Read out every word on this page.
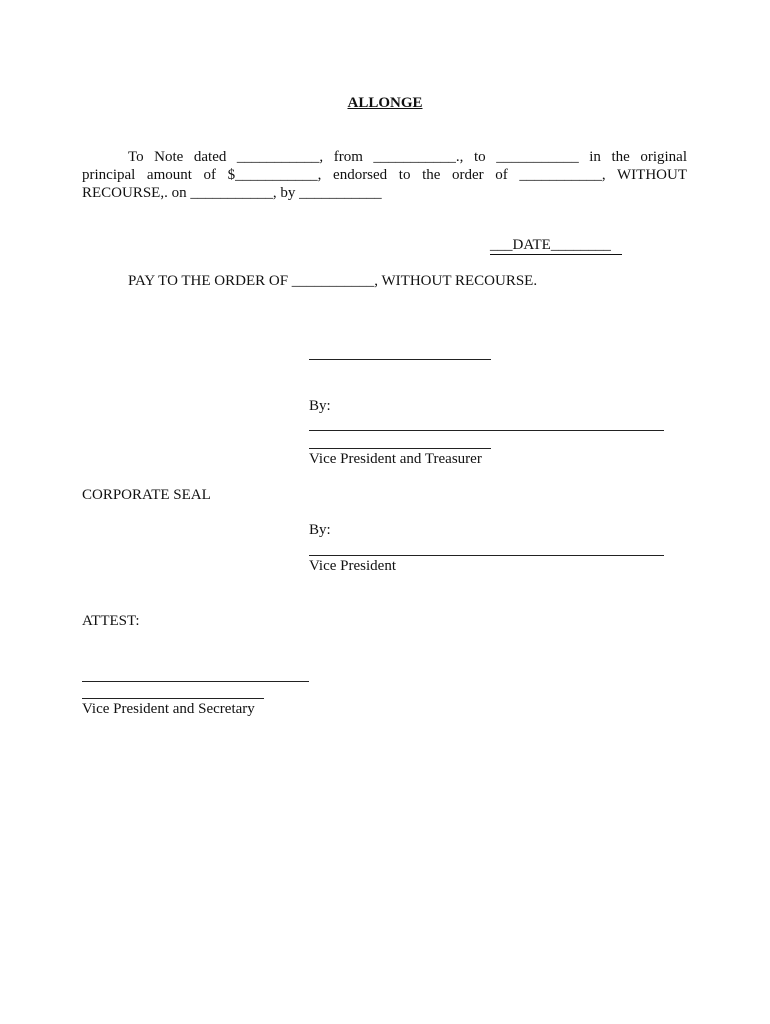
ALLONGE
To Note dated ___________, from ___________., to ___________ in the original
principal amount of $___________, endorsed to the order of ___________, WITHOUT
RECOURSE,. on ___________, by ___________
___DATE________
PAY TO THE ORDER OF ___________, WITHOUT RECOURSE.
By:
Vice President and Treasurer
CORPORATE SEAL
By:
Vice President
ATTEST:
Vice President and Secretary
